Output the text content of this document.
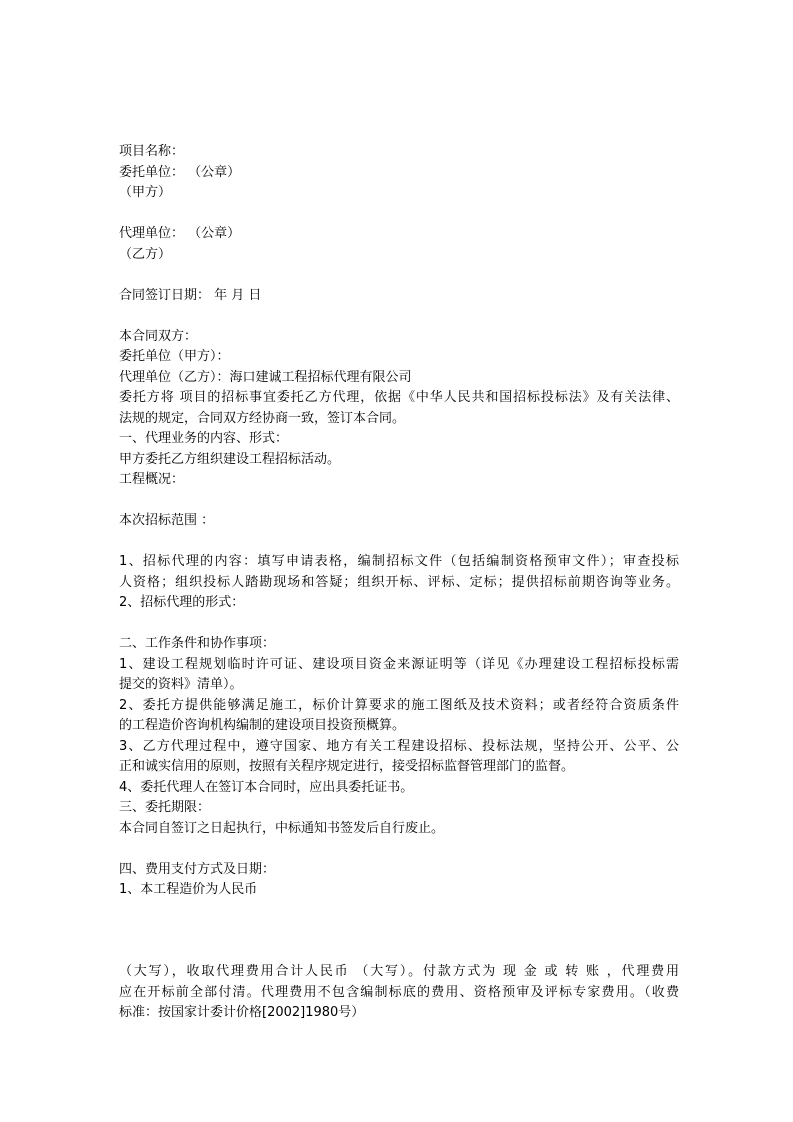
项目名称：
委托单位： （公章）
（甲方）
代理单位： （公章）
（乙方）
合同签订日期： 年 月 日
本合同双方：
委托单位（甲方）：
代理单位（乙方）：海口建诚工程招标代理有限公司
委托方将 项目的招标事宜委托乙方代理，依据《中华人民共和国招标投标法》及有关法律、
法规的规定，合同双方经协商一致，签订本合同。
一、代理业务的内容、形式：
甲方委托乙方组织建设工程招标活动。
工程概况：
本次招标范围 ：
1、招标代理的内容：填写申请表格，编制招标文件（包括编制资格预审文件）；审查投标
人资格；组织投标人踏勘现场和答疑；组织开标、评标、定标；提供招标前期咨询等业务。
2、招标代理的形式：
二、工作条件和协作事项：
1、建设工程规划临时许可证、建设项目资金来源证明等（详见《办理建设工程招标投标需
提交的资料》清单）。
2、委托方提供能够满足施工，标价计算要求的施工图纸及技术资料；或者经符合资质条件
的工程造价咨询机构编制的建设项目投资预概算。
3、乙方代理过程中，遵守国家、地方有关工程建设招标、投标法规，坚持公开、公平、公
正和诚实信用的原则，按照有关程序规定进行，接受招标监督管理部门的监督。
4、委托代理人在签订本合同时，应出具委托证书。
三、委托期限：
本合同自签订之日起执行，中标通知书签发后自行废止。
四、费用支付方式及日期：
1、本工程造价为人民币
（大写），收取代理费用合计人民币 （大写）。付款方式为 现 金 或 转 账 ，代理费用
应在开标前全部付清。代理费用不包含编制标底的费用、资格预审及评标专家费用。（收费
标准：按国家计委计价格[2002]1980号）
